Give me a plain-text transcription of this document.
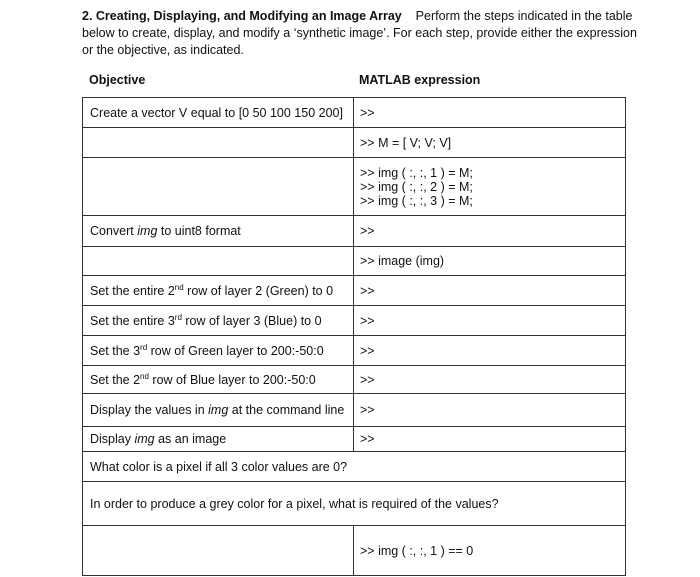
2. Creating, Displaying, and Modifying an Image Array Perform the steps indicated in the table below to create, display, and modify a ‘synthetic image’. For each step, provide either the expression or the objective, as indicated.
Objective	MATLAB expression
Create a vector V equal to [0 50 100 150 200]	>>

	>> M = [ V; V; V]

	>> img ( :, :, 1 ) = M;
>> img ( :, :, 2 ) = M;
>> img ( :, :, 3 ) = M;

Convert img to uint8 format	>>

	>> image (img)

Set the entire 2nd row of layer 2 (Green) to 0	>>

Set the entire 3rd row of layer 3 (Blue) to 0	>>

Set the 3rd row of Green layer to 200:-50:0	>>

Set the 2nd row of Blue layer to 200:-50:0	>>

Display the values in img at the command line	>>

Display img as an image	>>

What color is a pixel if all 3 color values are 0?	
In order to produce a grey color for a pixel, what is required of the values?	

	>> img ( :, :, 1 ) == 0
